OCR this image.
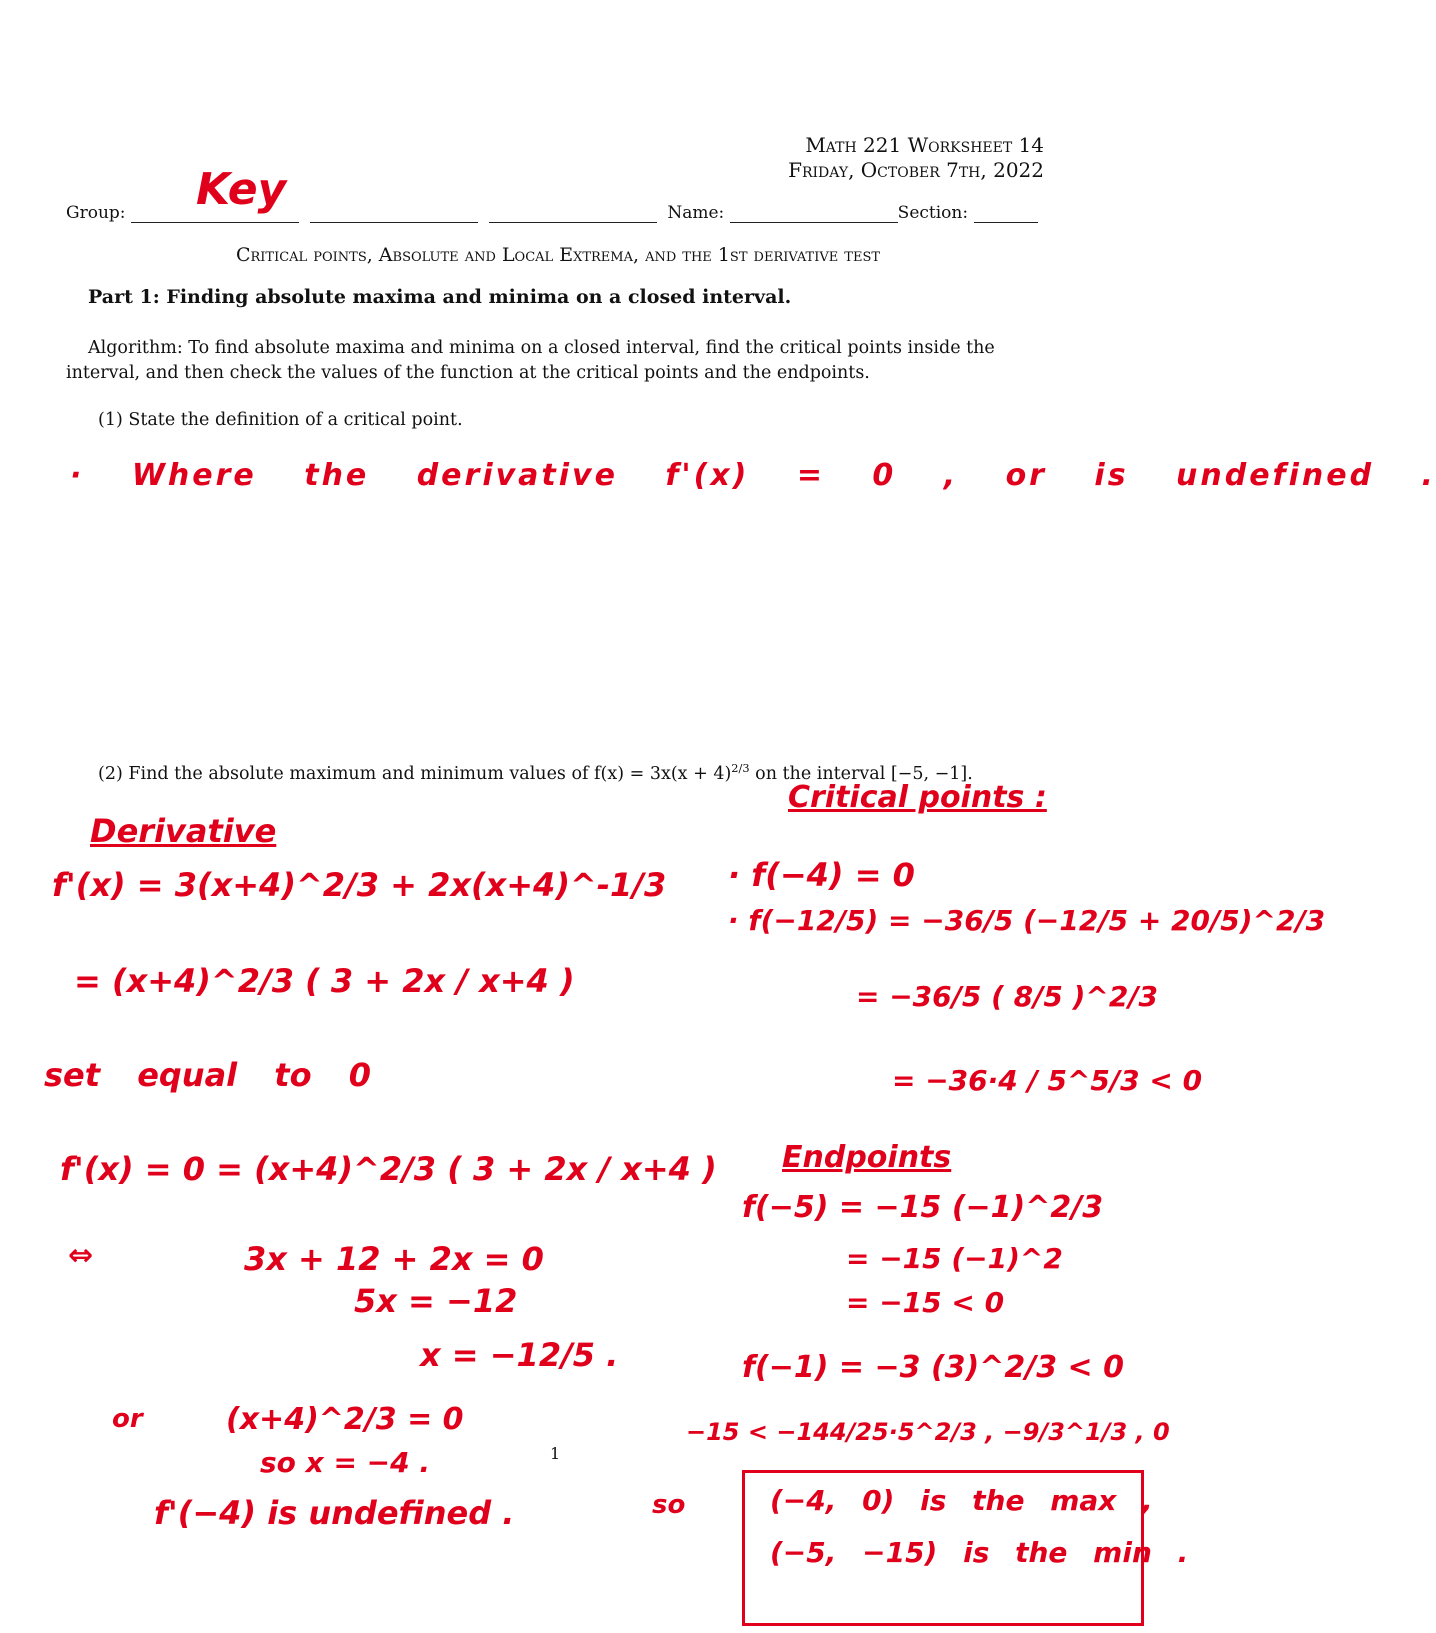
Math 221 Worksheet 14
Friday, October 7th, 2022
Group:	Name:	Section:
Key
Critical points, Absolute and Local Extrema, and the 1st derivative test
Part 1: Finding absolute maxima and minima on a closed interval.
Algorithm: To find absolute maxima and minima on a closed interval, find the critical points inside the
interval, and then check the values of the function at the critical points and the endpoints.
(1) State the definition of a critical point.
· Where the derivative f'(x) = 0 , or is undefined .
(2) Find the absolute maximum and minimum values of $f(x) = 3x(x + 4)^{2/3}$ on the interval [−5, −1].
Derivative
f'(x) = 3(x+4)^2/3 + 2x(x+4)^-1/3
= (x+4)^2/3 ( 3 + 2x / x+4 )
set equal to 0
f'(x) = 0 = (x+4)^2/3 ( 3 + 2x / x+4 )
⇔	3x + 12 + 2x = 0
5x = −12
x = −12/5 .
or	(x+4)^2/3 = 0
so x = −4 .
f'(−4) is undefined .
Critical points :
· f(−4) = 0
· f(−12/5) = −36/5 (−12/5 + 20/5)^2/3
= −36/5 ( 8/5 )^2/3
= −36·4 / 5^5/3 < 0
Endpoints
f(−5) = −15 (−1)^2/3
= −15 (−1)^2
= −15 < 0
f(−1) = −3 (3)^2/3 < 0
−15 < −144/25·5^2/3 , −9/3^1/3 , 0
so	(−4, 0) is the max ,
(−5, −15) is the min .
1
